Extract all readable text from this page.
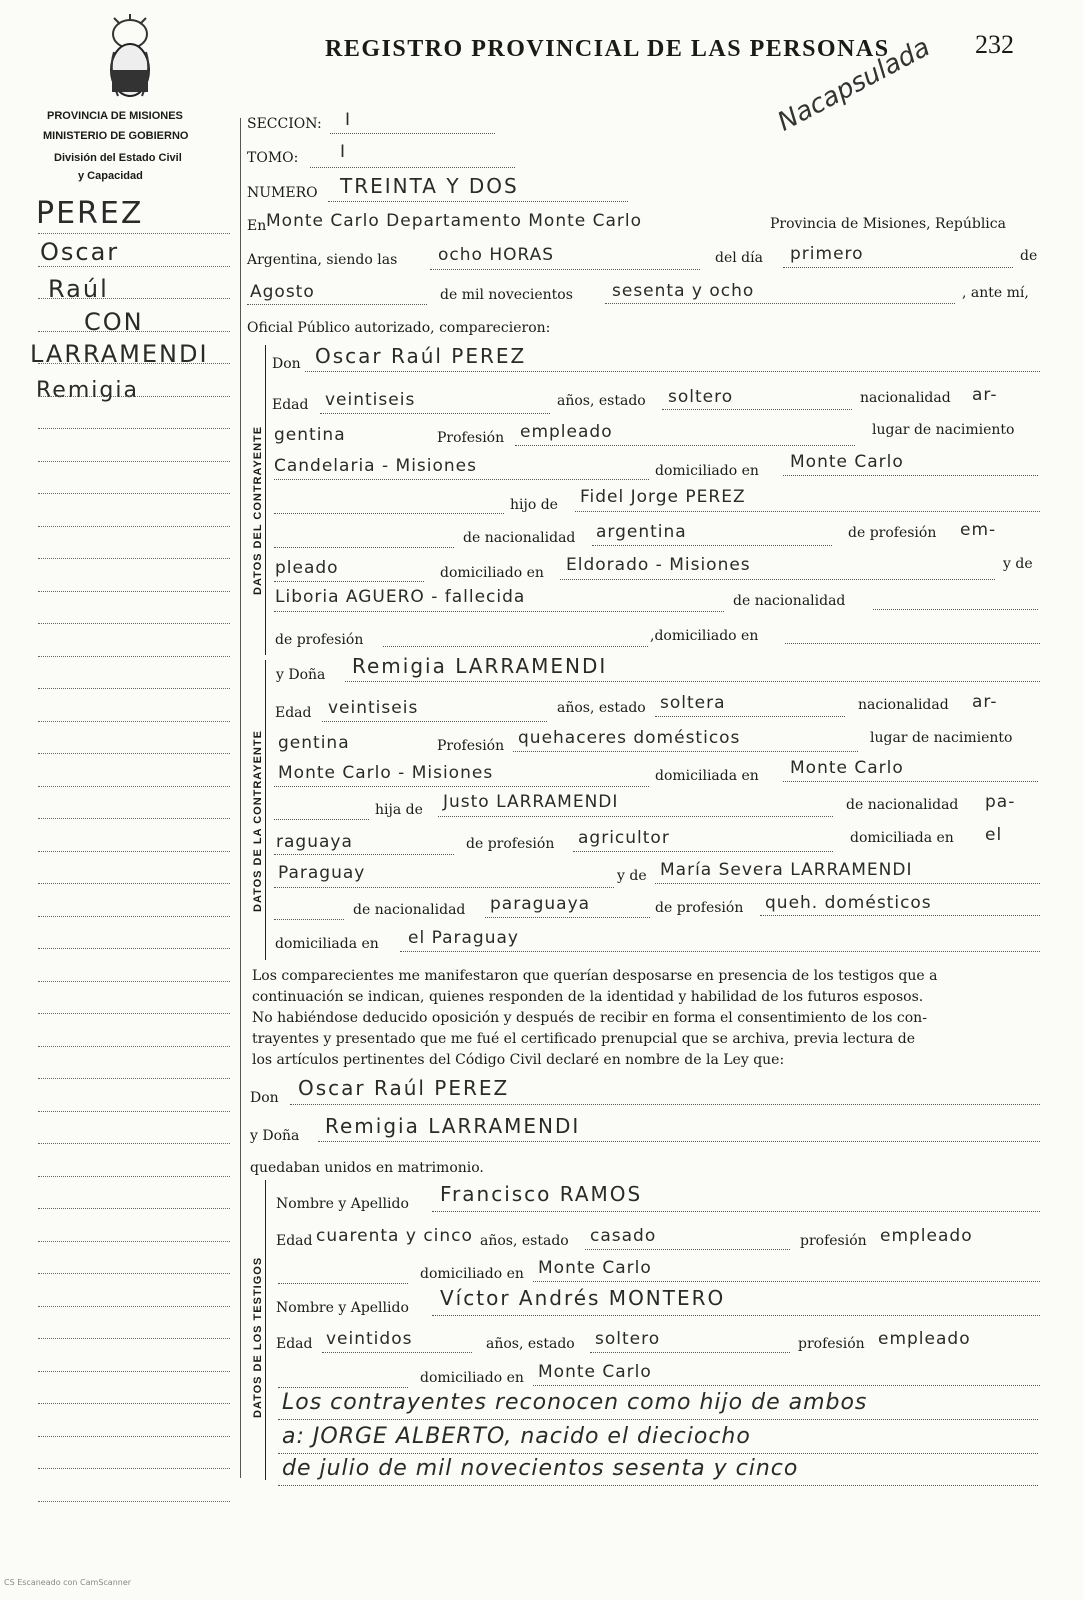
REGISTRO PROVINCIAL DE LAS PERSONAS	232
Nacapsulada
PROVINCIA DE MISIONES
MINISTERIO DE GOBIERNO
División del Estado Civil
y Capacidad
PEREZ
Oscar
Raúl
CON
LARRAMENDI
Remigia
SECCION: I
TOMO: I
NUMERO TREINTA Y DOS
En Monte Carlo Departamento Monte Carlo	Provincia de Misiones, República
Argentina, siendo las ocho HORAS	del día primero	de
Agosto	de mil novecientos sesenta y ocho	, ante mí,
Oficial Público autorizado, comparecieron:
DATOS DEL CONTRAYENTE
Don Oscar Raúl PEREZ
Edad veintiseis	años, estado soltero	nacionalidad ar-
gentina	Profesión empleado	lugar de nacimiento
Candelaria - Misiones	domiciliado en Monte Carlo
hijo de Fidel Jorge PEREZ
de nacionalidad argentina	de profesión em-
pleado	domiciliado en Eldorado - Misiones	y de
Liboria AGUERO - fallecida	de nacionalidad
de profesión	,domiciliado en
DATOS DE LA CONTRAYENTE
y Doña Remigia LARRAMENDI
Edad veintiseis	años, estado soltera	nacionalidad ar-
gentina	Profesión quehaceres domésticos	lugar de nacimiento
Monte Carlo - Misiones	domiciliada en Monte Carlo
hija de Justo LARRAMENDI	de nacionalidad pa-
raguaya	de profesión agricultor	domiciliada en el
Paraguay	y de María Severa LARRAMENDI
de nacionalidad paraguaya	de profesión queh. domésticos
domiciliada en el Paraguay
Los comparecientes me manifestaron que querían desposarse en presencia de los testigos que a
continuación se indican, quienes responden de la identidad y habilidad de los futuros esposos.
No habiéndose deducido oposición y después de recibir en forma el consentimiento de los con-
trayentes y presentado que me fué el certificado prenupcial que se archiva, previa lectura de
los artículos pertinentes del Código Civil declaré en nombre de la Ley que:
Don Oscar Raúl PEREZ
y Doña Remigia LARRAMENDI
quedaban unidos en matrimonio.
DATOS DE LOS TESTIGOS
Nombre y Apellido Francisco RAMOS
Edad cuarenta y cinco años, estado casado	profesión empleado
domiciliado en Monte Carlo
Nombre y Apellido Víctor Andrés MONTERO
Edad veintidos	años, estado soltero	profesión empleado
domiciliado en Monte Carlo
Los contrayentes reconocen como hijo de ambos
a: JORGE ALBERTO, nacido el dieciocho
de julio de mil novecientos sesenta y cinco
CS Escaneado con CamScanner
